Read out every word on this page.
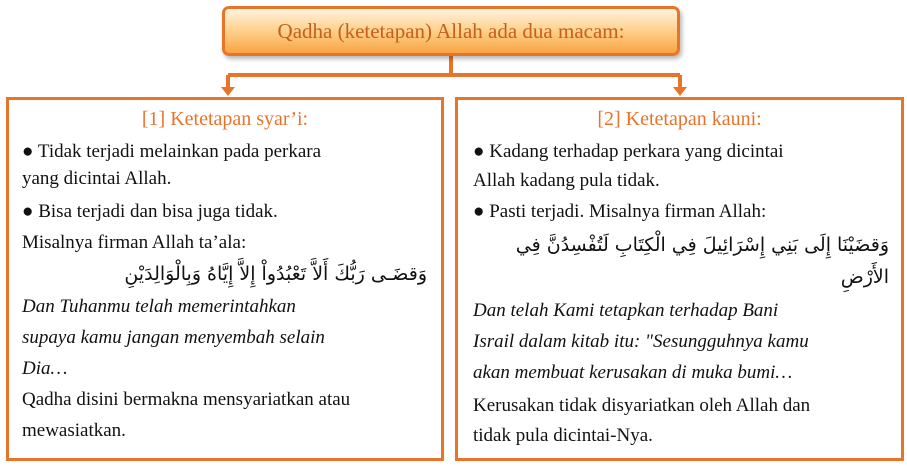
Qadha (ketetapan) Allah ada dua macam:
[1] Ketetapan syar’i:
● Tidak terjadi melainkan pada perkara
yang dicintai Allah.
● Bisa terjadi dan bisa juga tidak.
Misalnya firman Allah ta’ala:
وَقضَـى رَبُّكَ أَلاَّ تَعْبُدُواْ إِلاَّ إِيَّاهُ وَبِالْوَالِدَيْنِ
Dan Tuhanmu telah memerintahkan
supaya kamu jangan menyembah selain
Dia…
Qadha disini bermakna mensyariatkan atau
mewasiatkan.
[2] Ketetapan kauni:
● Kadang terhadap perkara yang dicintai
Allah kadang pula tidak.
● Pasti terjadi. Misalnya firman Allah:
وَقضَيْنَا إِلَى بَنِي إِسْرَائِيلَ فِي الْكِتَابِ لَتُفْسِدُنَّ فِي
الأَرْضِ
Dan telah Kami tetapkan terhadap Bani
Israil dalam kitab itu: "Sesungguhnya kamu
akan membuat kerusakan di muka bumi…
Kerusakan tidak disyariatkan oleh Allah dan
tidak pula dicintai-Nya.
